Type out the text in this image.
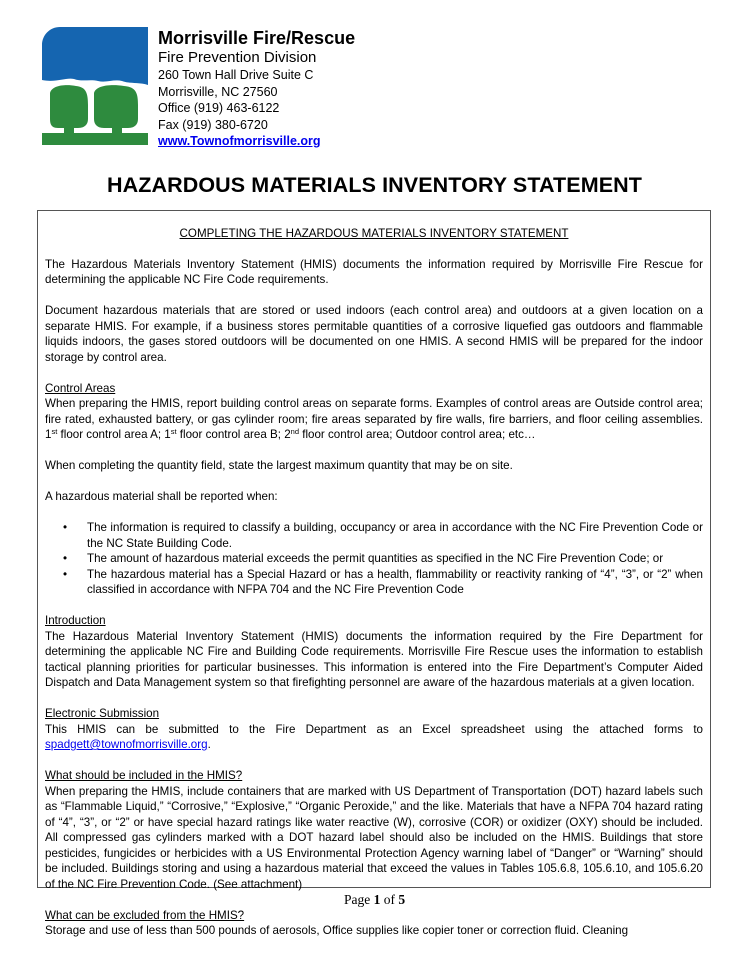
Morrisville Fire/Rescue

Fire Prevention Division

260 Town Hall Drive Suite C

Morrisville, NC 27560

Office (919) 463-6122

Fax (919) 380-6720

www.Townofmorrisville.org

HAZARDOUS MATERIALS INVENTORY STATEMENT

COMPLETING THE HAZARDOUS MATERIALS INVENTORY STATEMENT

The Hazardous Materials Inventory Statement (HMIS) documents the information required by Morrisville Fire Rescue for determining the applicable NC Fire Code requirements.

Document hazardous materials that are stored or used indoors (each control area) and outdoors at a given location on a separate HMIS. For example, if a business stores permitable quantities of a corrosive liquefied gas outdoors and flammable liquids indoors, the gases stored outdoors will be documented on one HMIS. A second HMIS will be prepared for the indoor storage by control area.

Control Areas

When preparing the HMIS, report building control areas on separate forms. Examples of control areas are Outside control area; fire rated, exhausted battery, or gas cylinder room; fire areas separated by fire walls, fire barriers, and floor ceiling assemblies. 1st floor control area A; 1st floor control area B; 2nd floor control area; Outdoor control area; etc…

When completing the quantity field, state the largest maximum quantity that may be on site.

A hazardous material shall be reported when:

• The information is required to classify a building, occupancy or area in accordance with the NC Fire Prevention Code or the NC State Building Code.
• The amount of hazardous material exceeds the permit quantities as specified in the NC Fire Prevention Code; or
• The hazardous material has a Special Hazard or has a health, flammability or reactivity ranking of “4”, “3”, or “2” when classified in accordance with NFPA 704 and the NC Fire Prevention Code

Introduction

The Hazardous Material Inventory Statement (HMIS) documents the information required by the Fire Department for determining the applicable NC Fire and Building Code requirements. Morrisville Fire Rescue uses the information to establish tactical planning priorities for particular businesses. This information is entered into the Fire Department’s Computer Aided Dispatch and Data Management system so that firefighting personnel are aware of the hazardous materials at a given location.

Electronic Submission

This HMIS can be submitted to the Fire Department as an Excel spreadsheet using the attached forms to spadgett@townofmorrisville.org.

What should be included in the HMIS?

When preparing the HMIS, include containers that are marked with US Department of Transportation (DOT) hazard labels such as “Flammable Liquid,” “Corrosive,” “Explosive,” “Organic Peroxide,” and the like. Materials that have a NFPA 704 hazard rating of “4”, “3”, or “2” or have special hazard ratings like water reactive (W), corrosive (COR) or oxidizer (OXY) should be included. All compressed gas cylinders marked with a DOT hazard label should also be included on the HMIS. Buildings that store pesticides, fungicides or herbicides with a US Environmental Protection Agency warning label of “Danger” or “Warning” should be included. Buildings storing and using a hazardous material that exceed the values in Tables 105.6.8, 105.6.10, and 105.6.20 of the NC Fire Prevention Code. (See attachment)

What can be excluded from the HMIS?

Storage and use of less than 500 pounds of aerosols, Office supplies like copier toner or correction fluid. Cleaning

Page 1 of 5
